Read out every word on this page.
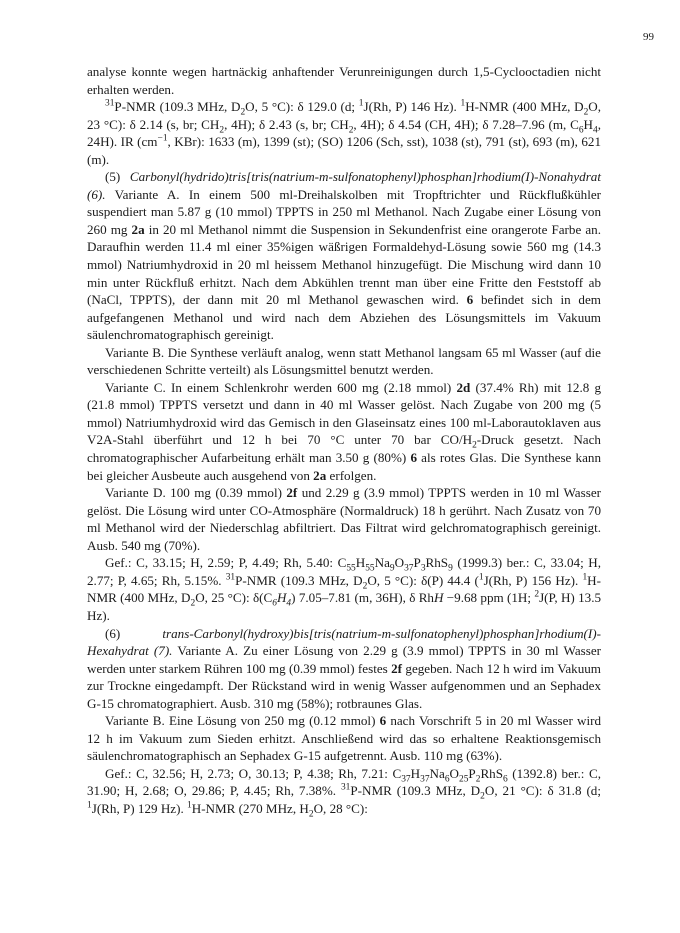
99

analyse konnte wegen hartnäckig anhaftender Verunreinigungen durch 1,5-Cyclooctadien nicht erhalten werden.

$^{31}$P-NMR (109.3 MHz, $D_2O$, 5 °C): δ 129.0 (d; $^1$J(Rh, P) 146 Hz). $^1$H-NMR (400 MHz, $D_2O$, 23 °C): δ 2.14 (s, br; $CH_2$, 4H); δ 2.43 (s, br; $CH_2$, 4H); δ 4.54 (CH, 4H); δ 7.28–7.96 (m, $C_6H_4$, 24H). IR ($cm^{-1}$, KBr): 1633 (m), 1399 (st); (SO) 1206 (Sch, sst), 1038 (st), 791 (st), 693 (m), 621 (m).

(5) Carbonyl(hydrido)tris[tris(natrium-m-sulfonatophenyl)phosphan]rhodium(I)-Nonahydrat (6). Variante A. In einem 500 ml-Dreihalskolben mit Tropftrichter und Rückflußkühler suspendiert man 5.87 g (10 mmol) TPPTS in 250 ml Methanol. Nach Zugabe einer Lösung von 260 mg 2a in 20 ml Methanol nimmt die Suspension in Sekundenfrist eine orangerote Farbe an. Daraufhin werden 11.4 ml einer 35%igen wäßrigen Formaldehyd-Lösung sowie 560 mg (14.3 mmol) Natriumhydroxid in 20 ml heissem Methanol hinzugefügt. Die Mischung wird dann 10 min unter Rückfluß erhitzt. Nach dem Abkühlen trennt man über eine Fritte den Feststoff ab (NaCl, TPPTS), der dann mit 20 ml Methanol gewaschen wird. 6 befindet sich in dem aufgefangenen Methanol und wird nach dem Abziehen des Lösungsmittels im Vakuum säulenchromatographisch gereinigt.

Variante B. Die Synthese verläuft analog, wenn statt Methanol langsam 65 ml Wasser (auf die verschiedenen Schritte verteilt) als Lösungsmittel benutzt werden.

Variante C. In einem Schlenkrohr werden 600 mg (2.18 mmol) 2d (37.4% Rh) mit 12.8 g (21.8 mmol) TPPTS versetzt und dann in 40 ml Wasser gelöst. Nach Zugabe von 200 mg (5 mmol) Natriumhydroxid wird das Gemisch in den Glaseinsatz eines 100 ml-Laborautoklaven aus V2A-Stahl überführt und 12 h bei 70 °C unter 70 bar $CO/H_2$-Druck gesetzt. Nach chromatographischer Aufarbeitung erhält man 3.50 g (80%) 6 als rotes Glas. Die Synthese kann bei gleicher Ausbeute auch ausgehend von 2a erfolgen.

Variante D. 100 mg (0.39 mmol) 2f und 2.29 g (3.9 mmol) TPPTS werden in 10 ml Wasser gelöst. Die Lösung wird unter CO-Atmosphäre (Normaldruck) 18 h gerührt. Nach Zusatz von 70 ml Methanol wird der Niederschlag abfiltriert. Das Filtrat wird gelchromatographisch gereinigt. Ausb. 540 mg (70%).

Gef.: C, 33.15; H, 2.59; P, 4.49; Rh, 5.40: $C_{55}H_{55}Na_9O_{37}P_3RhS_9$ (1999.3) ber.: C, 33.04; H, 2.77; P, 4.65; Rh, 5.15%. $^{31}$P-NMR (109.3 MHz, $D_2O$, 5 °C): δ(P) 44.4 ($^1$J(Rh, P) 156 Hz). $^1$H-NMR (400 MHz, $D_2O$, 25 °C): $\delta(C_6H_4)$ 7.05–7.81 (m, 36H), δ RhH −9.68 ppm (1H; $^2$J(P, H) 13.5 Hz).

(6) trans-Carbonyl(hydroxy)bis[tris(natrium-m-sulfonatophenyl)phosphan]rhodium(I)-Hexahydrat (7). Variante A. Zu einer Lösung von 2.29 g (3.9 mmol) TPPTS in 30 ml Wasser werden unter starkem Rühren 100 mg (0.39 mmol) festes 2f gegeben. Nach 12 h wird im Vakuum zur Trockne eingedampft. Der Rückstand wird in wenig Wasser aufgenommen und an Sephadex G-15 chromatographiert. Ausb. 310 mg (58%); rotbraunes Glas.

Variante B. Eine Lösung von 250 mg (0.12 mmol) 6 nach Vorschrift 5 in 20 ml Wasser wird 12 h im Vakuum zum Sieden erhitzt. Anschließend wird das so erhaltene Reaktionsgemisch säulenchromatographisch an Sephadex G-15 aufgetrennt. Ausb. 110 mg (63%).

Gef.: C, 32.56; H, 2.73; O, 30.13; P, 4.38; Rh, 7.21: $C_{37}H_{37}Na_6O_{25}P_2RhS_6$ (1392.8) ber.: C, 31.90; H, 2.68; O, 29.86; P, 4.45; Rh, 7.38%. $^{31}$P-NMR (109.3 MHz, $D_2O$, 21 °C): δ 31.8 (d; $^1$J(Rh, P) 129 Hz). $^1$H-NMR (270 MHz, $H_2O$, 28 °C):
